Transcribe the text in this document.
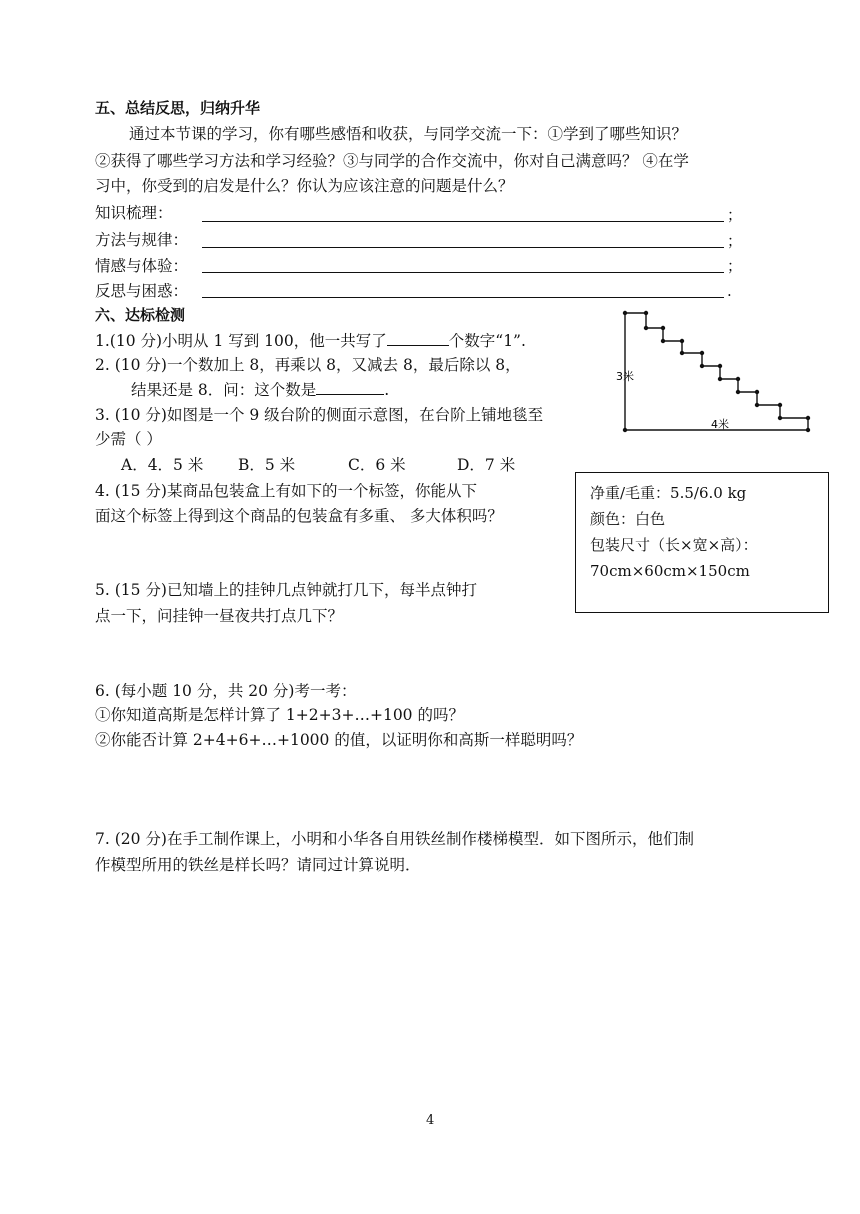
五、总结反思，归纳升华
通过本节课的学习，你有哪些感悟和收获，与同学交流一下：①学到了哪些知识？
②获得了哪些学习方法和学习经验？③与同学的合作交流中，你对自己满意吗？ ④在学
习中，你受到的启发是什么？你认为应该注意的问题是什么？
知识梳理：	；
方法与规律：	；
情感与体验：	；
反思与困惑：	.
六、达标检测
1.(10 分)小明从 1 写到 100，他一共写了	个数字“1”.
2. (10 分)一个数加上 8，再乘以 8，又减去 8，最后除以 8，
结果还是 8．问：这个数是	.
3. (10 分)如图是一个 9 级台阶的侧面示意图，在台阶上铺地毯至
少需（ ）
A．4．5 米 B．5 米	C．6 米	D．7 米
3米
4米
4. (15 分)某商品包装盒上有如下的一个标签，你能从下
面这个标签上得到这个商品的包装盒有多重、 多大体积吗？
净重/毛重：5.5/6.0 kg
颜色：白色
包装尺寸（长×宽×高）：
70cm×60cm×150cm
5. (15 分)已知墙上的挂钟几点钟就打几下，每半点钟打
点一下，问挂钟一昼夜共打点几下？
6. (每小题 10 分，共 20 分)考一考：
①你知道高斯是怎样计算了 1+2+3+…+100 的吗？
②你能否计算 2+4+6+…+1000 的值，以证明你和高斯一样聪明吗？
7. (20 分)在手工制作课上，小明和小华各自用铁丝制作楼梯模型．如下图所示，他们制
作模型所用的铁丝是样长吗？请同过计算说明．
4
